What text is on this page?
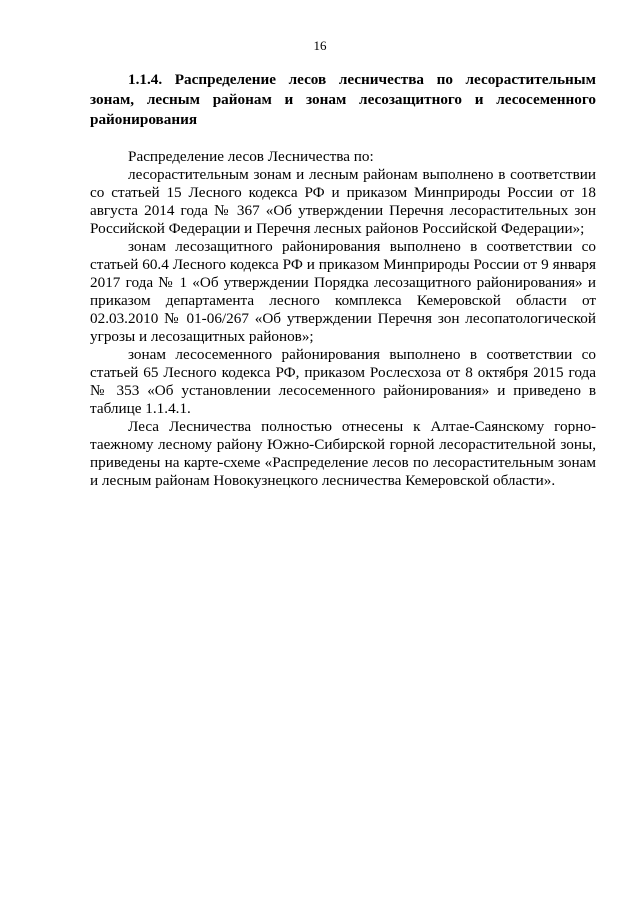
16

1.1.4. Распределение лесов лесничества по лесорастительным зонам, лесным районам и зонам лесозащитного и лесосеменного районирования

Распределение лесов Лесничества по:

лесорастительным зонам и лесным районам выполнено в соответствии со статьей 15 Лесного кодекса РФ и приказом Минприроды России от 18 августа 2014 года № 367 «Об утверждении Перечня лесорастительных зон Российской Федерации и Перечня лесных районов Российской Федерации»;

зонам лесозащитного районирования выполнено в соответствии со статьей 60.4 Лесного кодекса РФ и приказом Минприроды России от 9 января 2017 года № 1 «Об утверждении Порядка лесозащитного районирования» и приказом департамента лесного комплекса Кемеровской области от 02.03.2010 № 01-06/267 «Об утверждении Перечня зон лесопатологической угрозы и лесозащитных районов»;

зонам лесосеменного районирования выполнено в соответствии со статьей 65 Лесного кодекса РФ, приказом Рослесхоза от 8 октября 2015 года № 353 «Об установлении лесосеменного районирования» и приведено в таблице 1.1.4.1.

Леса Лесничества полностью отнесены к Алтае-Саянскому горно-таежному лесному району Южно-Сибирской горной лесорастительной зоны, приведены на карте-схеме «Распределение лесов по лесорастительным зонам и лесным районам Новокузнецкого лесничества Кемеровской области».
